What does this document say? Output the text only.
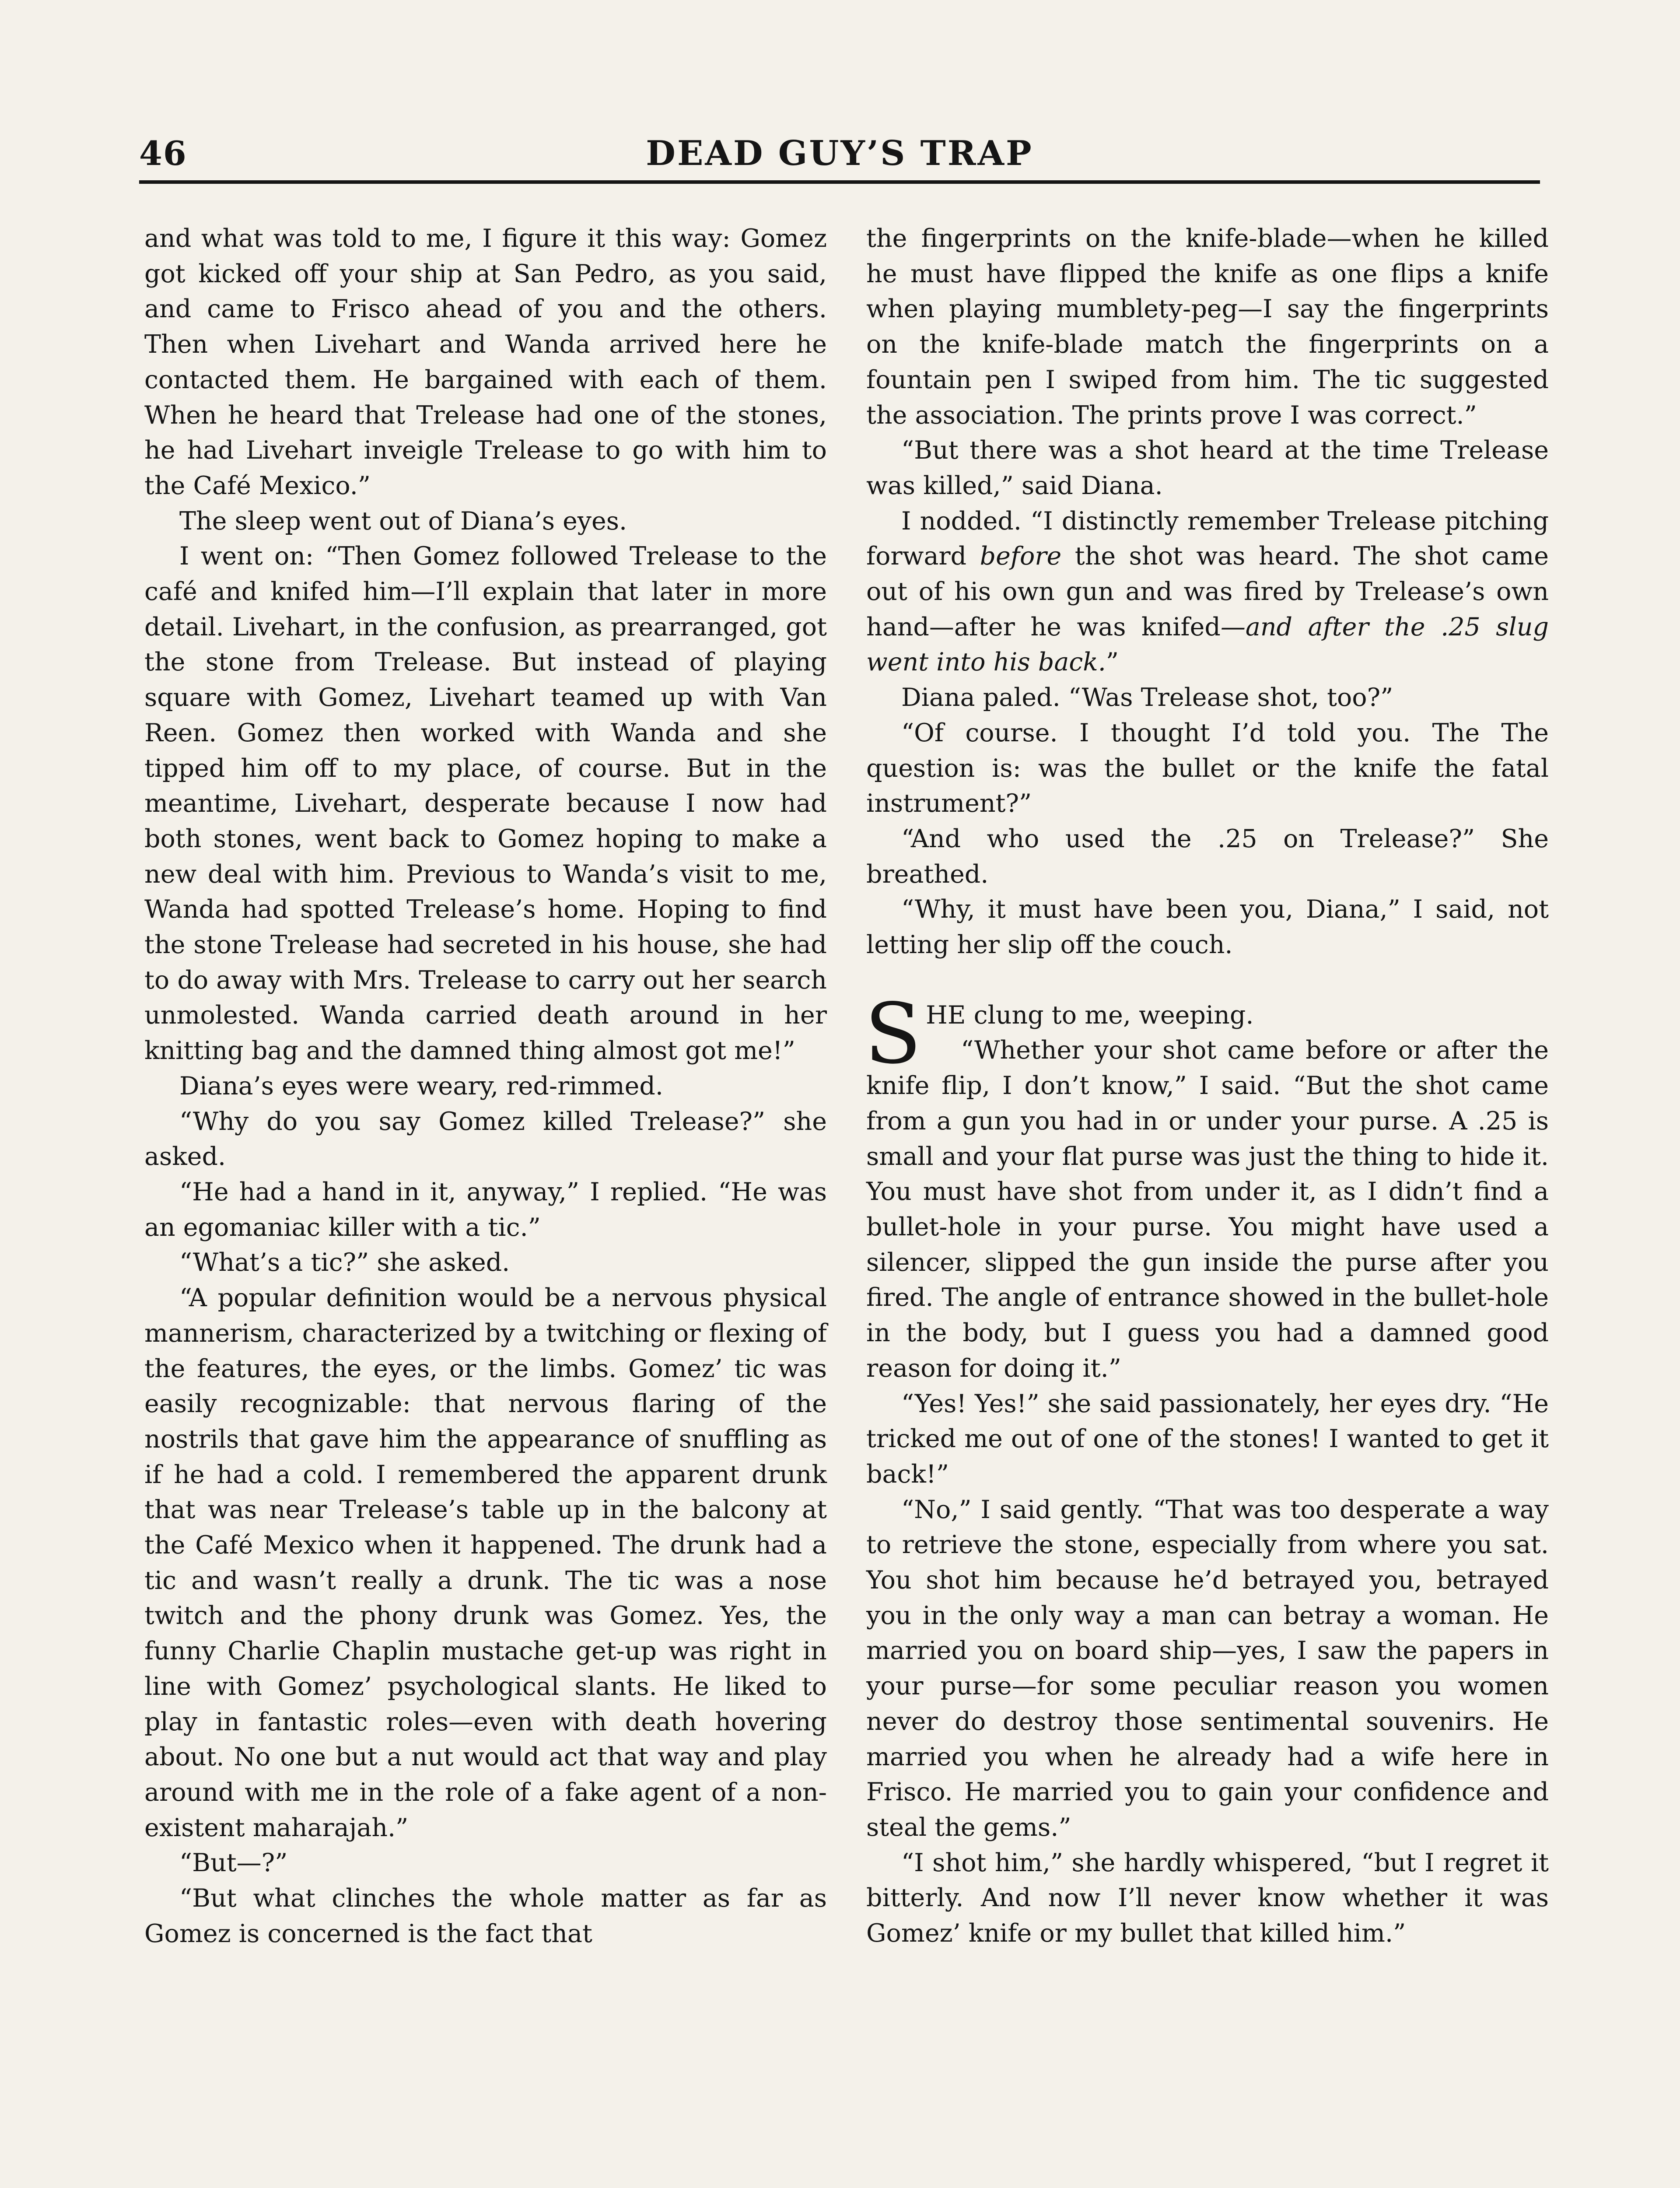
46	DEAD GUY’S TRAP

and what was told to me, I figure it this way: Gomez got kicked off your ship at San Pedro, as you said, and came to Frisco ahead of you and the others. Then when Livehart and Wanda arrived here he contacted them. He bargained with each of them. When he heard that Trelease had one of the stones, he had Livehart inveigle Trelease to go with him to the Café Mexico.”

The sleep went out of Diana’s eyes.

I went on: “Then Gomez followed Trelease to the café and knifed him—I’ll explain that later in more detail. Livehart, in the confusion, as prearranged, got the stone from Trelease. But instead of playing square with Gomez, Livehart teamed up with Van Reen. Gomez then worked with Wanda and she tipped him off to my place, of course. But in the meantime, Livehart, desperate because I now had both stones, went back to Gomez hoping to make a new deal with him. Previous to Wanda’s visit to me, Wanda had spotted Trelease’s home. Hoping to find the stone Trelease had secreted in his house, she had to do away with Mrs. Trelease to carry out her search unmolested. Wanda carried death around in her knitting bag and the damned thing almost got me!”

Diana’s eyes were weary, red-rimmed.

“Why do you say Gomez killed Trelease?” she asked.

“He had a hand in it, anyway,” I replied. “He was an egomaniac killer with a tic.”

“What’s a tic?” she asked.

“A popular definition would be a nervous physical mannerism, characterized by a twitching or flexing of the features, the eyes, or the limbs. Gomez’ tic was easily recognizable: that nervous flaring of the nostrils that gave him the appearance of snuffling as if he had a cold. I remembered the apparent drunk that was near Trelease’s table up in the balcony at the Café Mexico when it happened. The drunk had a tic and wasn’t really a drunk. The tic was a nose twitch and the phony drunk was Gomez. Yes, the funny Charlie Chaplin mustache get-up was right in line with Gomez’ psychological slants. He liked to play in fantastic roles—even with death hovering about. No one but a nut would act that way and play around with me in the role of a fake agent of a non-existent maharajah.”

“But—?”

“But what clinches the whole matter as far as Gomez is concerned is the fact that

the fingerprints on the knife-blade—when he killed he must have flipped the knife as one flips a knife when playing mumblety-peg—I say the fingerprints on the knife-blade match the fingerprints on a fountain pen I swiped from him. The tic suggested the association. The prints prove I was correct.”

“But there was a shot heard at the time Trelease was killed,” said Diana.

I nodded. “I distinctly remember Trelease pitching forward before the shot was heard. The shot came out of his own gun and was fired by Trelease’s own hand—after he was knifed—and after the .25 slug went into his back.”

Diana paled. “Was Trelease shot, too?”

“Of course. I thought I’d told you. The The question is: was the bullet or the knife the fatal instrument?”

“And who used the .25 on Trelease?” She breathed.

“Why, it must have been you, Diana,” I said, not letting her slip off the couch.

SHE clung to me, weeping.

“Whether your shot came before or after the knife flip, I don’t know,” I said. “But the shot came from a gun you had in or under your purse. A .25 is small and your flat purse was just the thing to hide it. You must have shot from under it, as I didn’t find a bullet-hole in your purse. You might have used a silencer, slipped the gun inside the purse after you fired. The angle of entrance showed in the bullet-hole in the body, but I guess you had a damned good reason for doing it.”

“Yes! Yes!” she said passionately, her eyes dry. “He tricked me out of one of the stones! I wanted to get it back!”

“No,” I said gently. “That was too desperate a way to retrieve the stone, especially from where you sat. You shot him because he’d betrayed you, betrayed you in the only way a man can betray a woman. He married you on board ship—yes, I saw the papers in your purse—for some peculiar reason you women never do destroy those sentimental souvenirs. He married you when he already had a wife here in Frisco. He married you to gain your confidence and steal the gems.”

“I shot him,” she hardly whispered, “but I regret it bitterly. And now I’ll never know whether it was Gomez’ knife or my bullet that killed him.”
